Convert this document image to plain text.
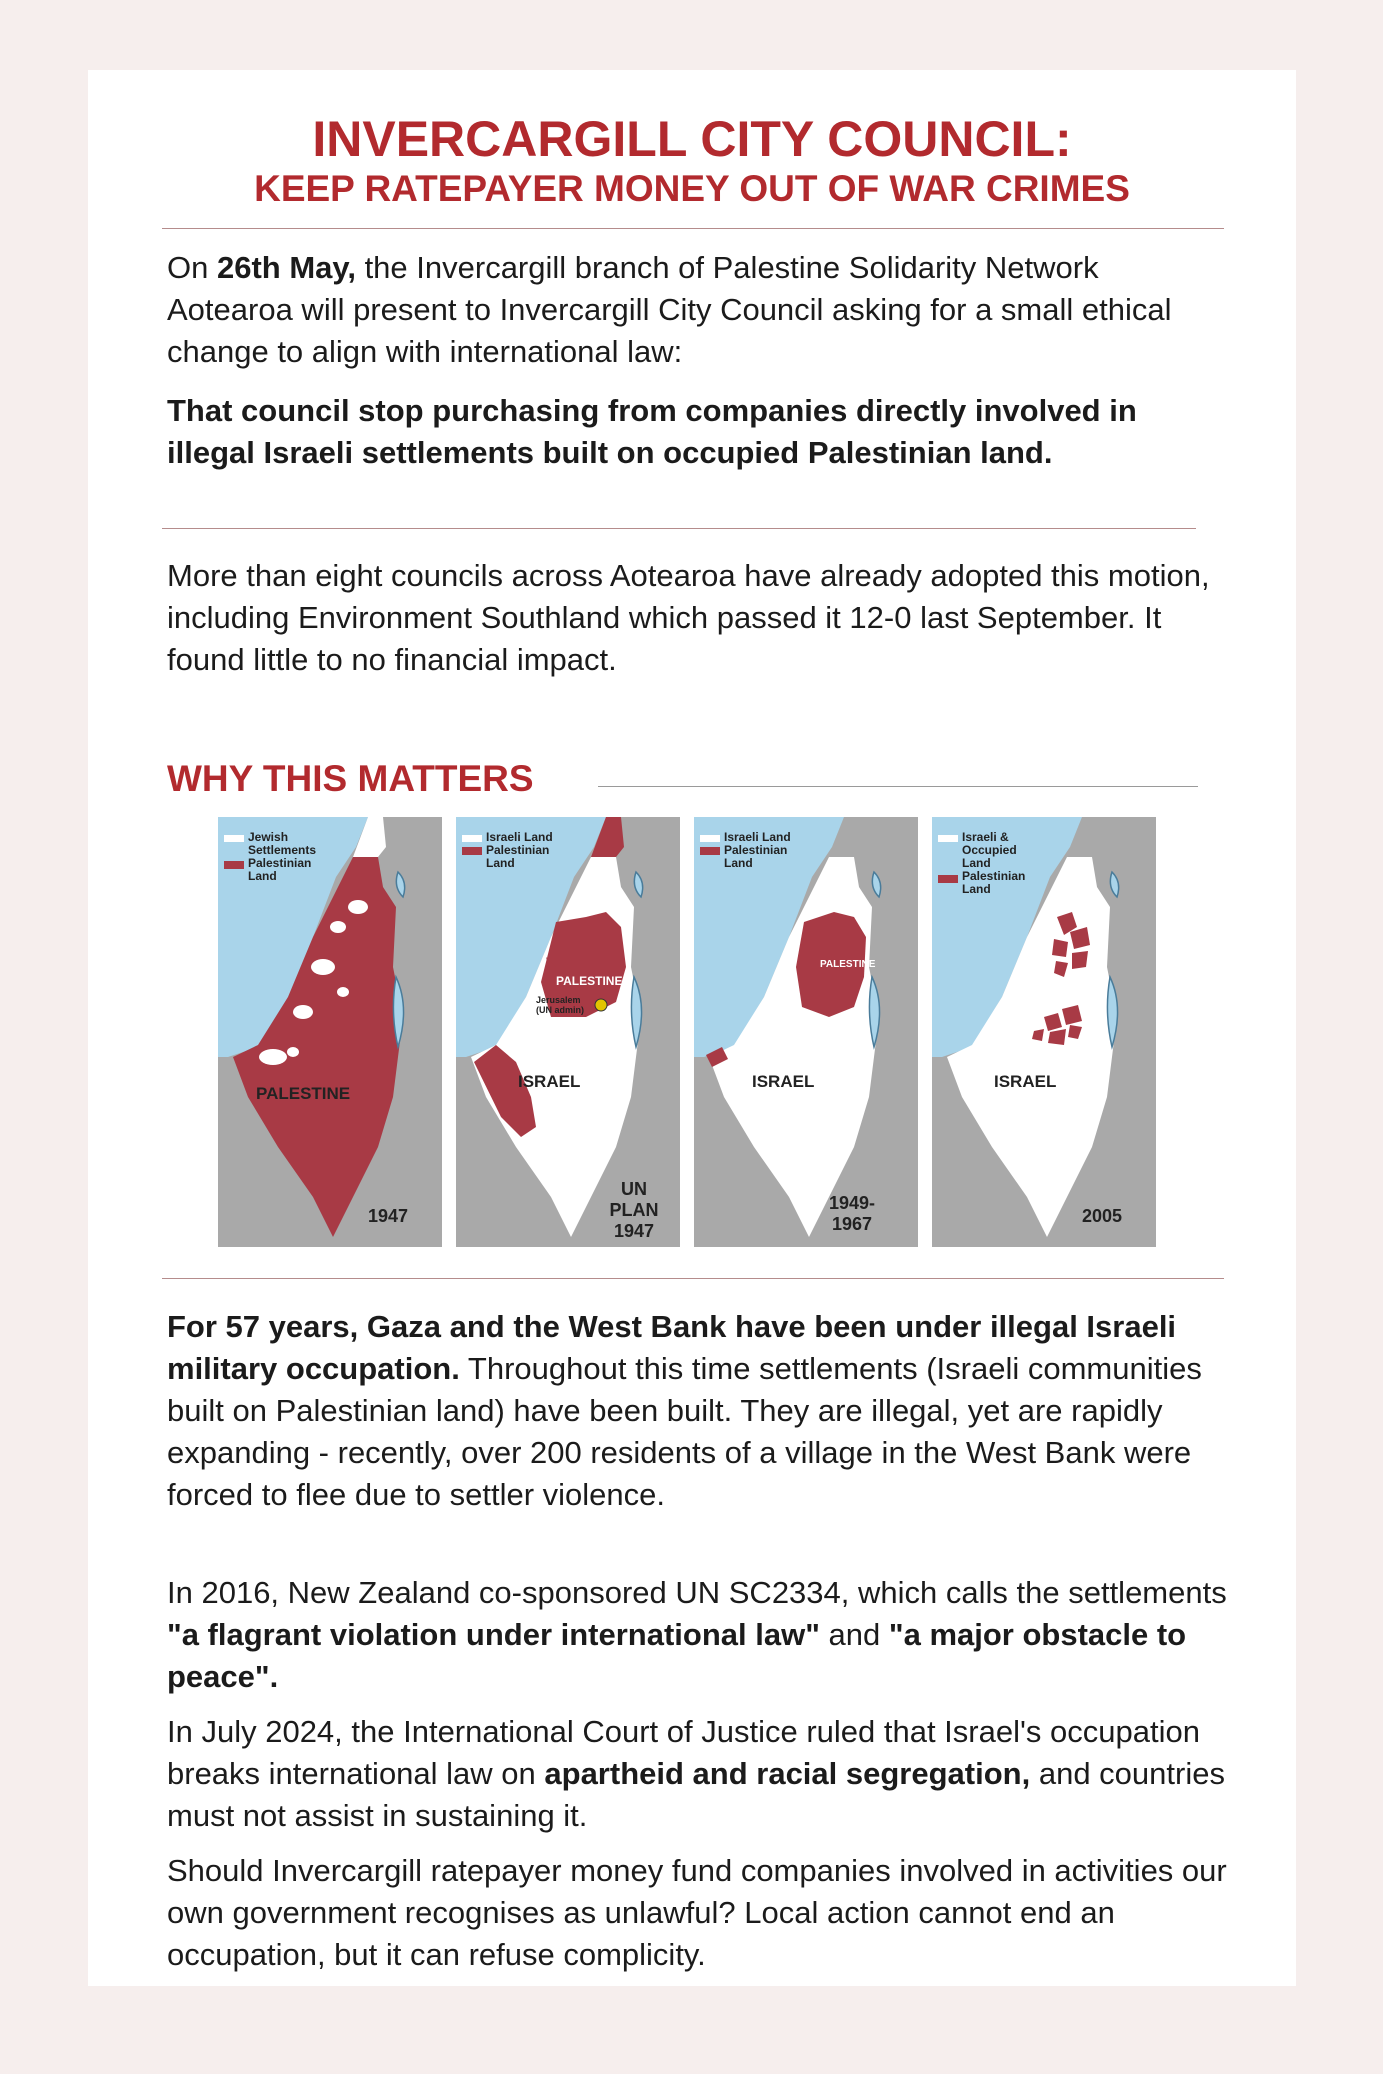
INVERCARGILL CITY COUNCIL:
KEEP RATEPAYER MONEY OUT OF WAR CRIMES

On 26th May, the Invercargill branch of Palestine Solidarity Network Aotearoa will present to Invercargill City Council asking for a small ethical change to align with international law:

That council stop purchasing from companies directly involved in illegal Israeli settlements built on occupied Palestinian land.

More than eight councils across Aotearoa have already adopted this motion, including Environment Southland which passed it 12-0 last September. It found little to no financial impact.

WHY THIS MATTERS
Jewish
Settlements
Palestinian
Land
PALESTINE
1947
Israeli Land
Palestinian
Land
PALESTINE
Jerusalem
(UN admin)
ISRAEL
UN
PLAN
1947
Israeli Land
Palestinian
Land
PALESTINE
ISRAEL
1949-
1967
Israeli &
Occupied
Land
Palestinian
Land
ISRAEL
2005

For 57 years, Gaza and the West Bank have been under illegal Israeli military occupation. Throughout this time settlements (Israeli communities built on Palestinian land) have been built. They are illegal, yet are rapidly expanding - recently, over 200 residents of a village in the West Bank were forced to flee due to settler violence.

In 2016, New Zealand co-sponsored UN SC2334, which calls the settlements "a flagrant violation under international law" and "a major obstacle to peace".

In July 2024, the International Court of Justice ruled that Israel's occupation breaks international law on apartheid and racial segregation, and countries must not assist in sustaining it.

Should Invercargill ratepayer money fund companies involved in activities our own government recognises as unlawful? Local action cannot end an occupation, but it can refuse complicity.
